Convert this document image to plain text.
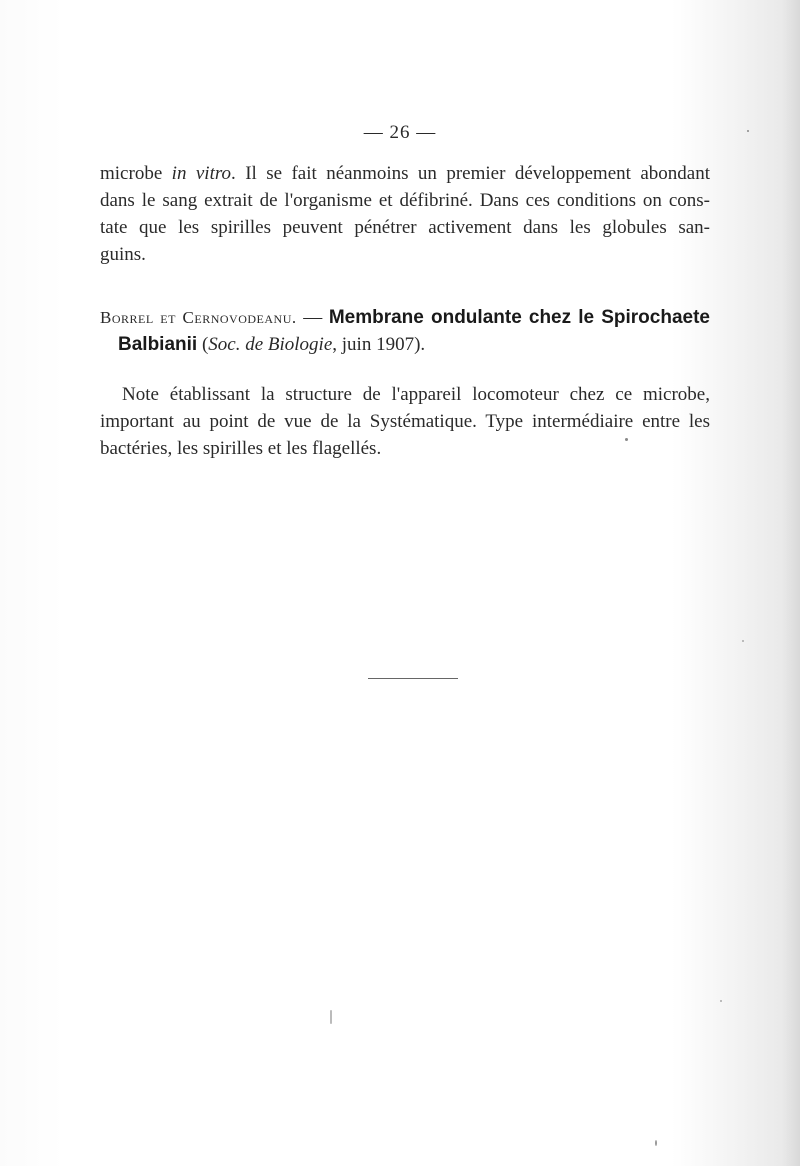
— 26 —
microbe in vitro. Il se fait néanmoins un premier développement abondant
dans le sang extrait de l'organisme et défibriné. Dans ces conditions on cons-
tate que les spirilles peuvent pénétrer activement dans les globules san-
guins.
Borrel et Cernovodeanu. — Membrane ondulante chez le Spirochaete
Balbianii (Soc. de Biologie, juin 1907).
Note établissant la structure de l'appareil locomoteur chez ce microbe,
important au point de vue de la Systématique. Type intermédiaire entre les
bactéries, les spirilles et les flagellés.
